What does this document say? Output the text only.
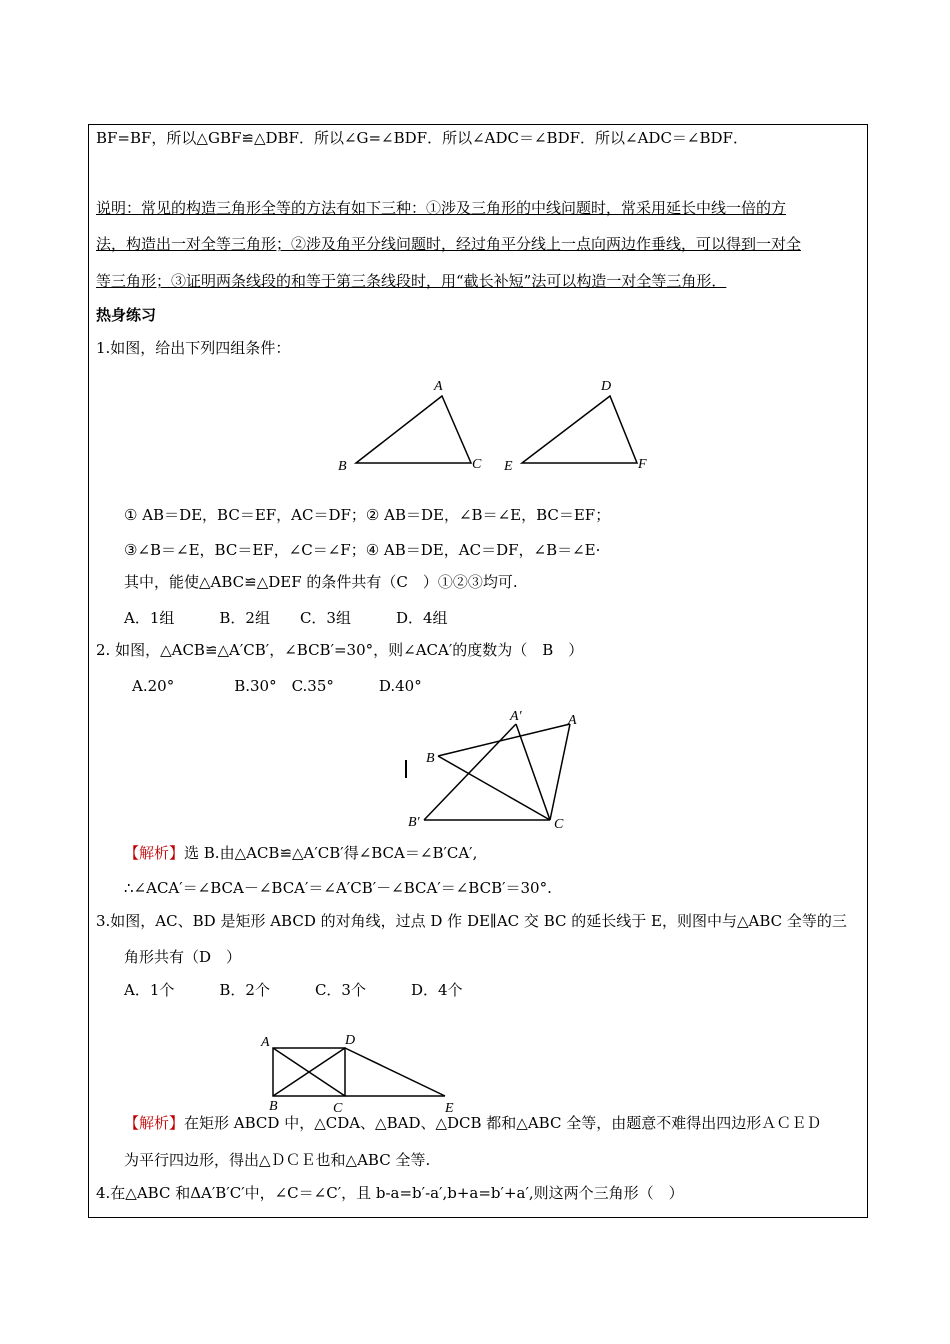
BF=BF，所以△GBF≌△DBF．所以∠G=∠BDF．所以∠ADC＝∠BDF．所以∠ADC＝∠BDF．
说明：常见的构造三角形全等的方法有如下三种：①涉及三角形的中线问题时，常采用延长中线一倍的方
法，构造出一对全等三角形；②涉及角平分线问题时，经过角平分线上一点向两边作垂线，可以得到一对全
等三角形；③证明两条线段的和等于第三条线段时，用“截长补短”法可以构造一对全等三角形．
热身练习
1.如图，给出下列四组条件：
A
B	C
D
E	F
① AB＝DE，BC＝EF，AC＝DF；② AB＝DE，∠B＝∠E，BC＝EF；
③∠B＝∠E，BC＝EF，∠C＝∠F；④ AB＝DE，AC＝DF，∠B＝∠E·
其中，能使△ABC≌△DEF 的条件共有（C　）①②③均可.
A．1组　　　B．2组　　C．3组　　　D．4组
2. 如图，△ACB≌△A′CB′，∠BCB′=30°，则∠ACA′的度数为（　B　）
A.20°　　　　B.30°　C.35°　　　D.40°
A′	A
B
B′	C
【解析】选 B.由△ACB≌△A′CB′得∠BCA＝∠B′CA′,
∴∠ACA′＝∠BCA－∠BCA′＝∠A′CB′－∠BCA′＝∠BCB′＝30°.
3.如图，AC、BD 是矩形 ABCD 的对角线，过点 D 作 DE∥AC 交 BC 的延长线于 E，则图中与△ABC 全等的三
角形共有（D　）
A．1个　　　B．2个　　　C．3个　　　D．4个
A
B	C
D
E
【解析】在矩形 ABCD 中，△CDA、△BAD、△DCB 都和△ABC 全等，由题意不难得出四边形ＡＣＥＤ
为平行四边形，得出△ＤＣＥ也和△ABC 全等.
4.在△ABC 和ΔA′B′C′中，∠C＝∠C′，且 b-a=b′-a′,b+a=b′+a′,则这两个三角形（　）
